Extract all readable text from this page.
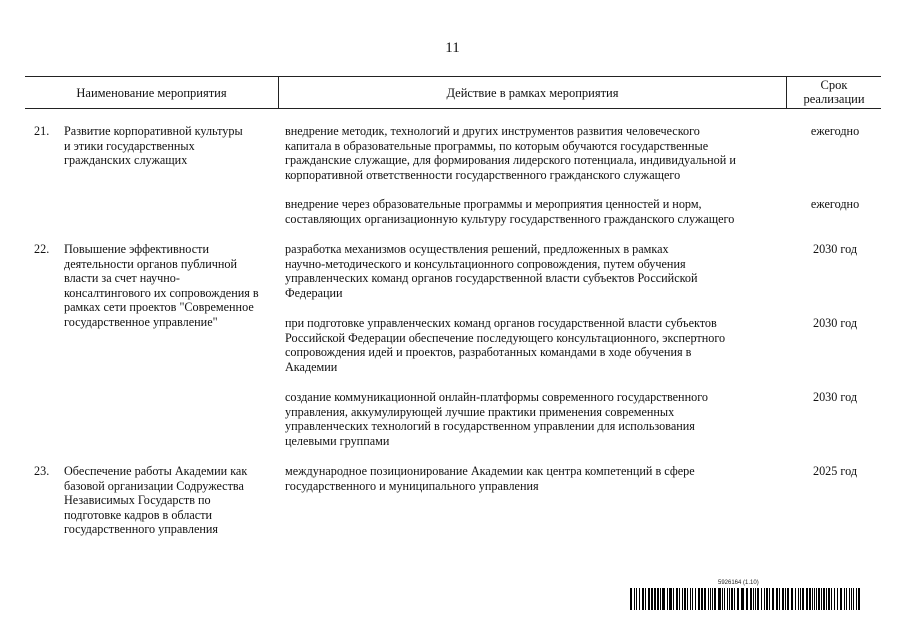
11
Наименование мероприятия	Действие в рамках мероприятия
Срок
реализации
21. Развитие корпоративной культуры
и этики государственных
гражданских служащих
внедрение методик, технологий и других инструментов развития человеческого
капитала в образовательные программы, по которым обучаются государственные
гражданские служащие, для формирования лидерского потенциала, индивидуальной и
корпоративной ответственности государственного гражданского служащего
ежегодно
внедрение через образовательные программы и мероприятия ценностей и норм,
составляющих организационную культуру государственного гражданского служащего
ежегодно
22. Повышение эффективности
деятельности органов публичной
власти за счет научно-
консалтингового их сопровождения в
рамках сети проектов "Современное
государственное управление"
разработка механизмов осуществления решений, предложенных в рамках
научно-методического и консультационного сопровождения, путем обучения
управленческих команд органов государственной власти субъектов Российской
Федерации
2030 год
при подготовке управленческих команд органов государственной власти субъектов
Российской Федерации обеспечение последующего консультационного, экспертного
сопровождения идей и проектов, разработанных командами в ходе обучения в
Академии
2030 год
создание коммуникационной онлайн-платформы современного государственного
управления, аккумулирующей лучшие практики применения современных
управленческих технологий в государственном управлении для использования
целевыми группами
2030 год
23. Обеспечение работы Академии как
базовой организации Содружества
Независимых Государств по
подготовке кадров в области
государственного управления
международное позиционирование Академии как центра компетенций в сфере
государственного и муниципального управления
2025 год
5926164 (1.10)
